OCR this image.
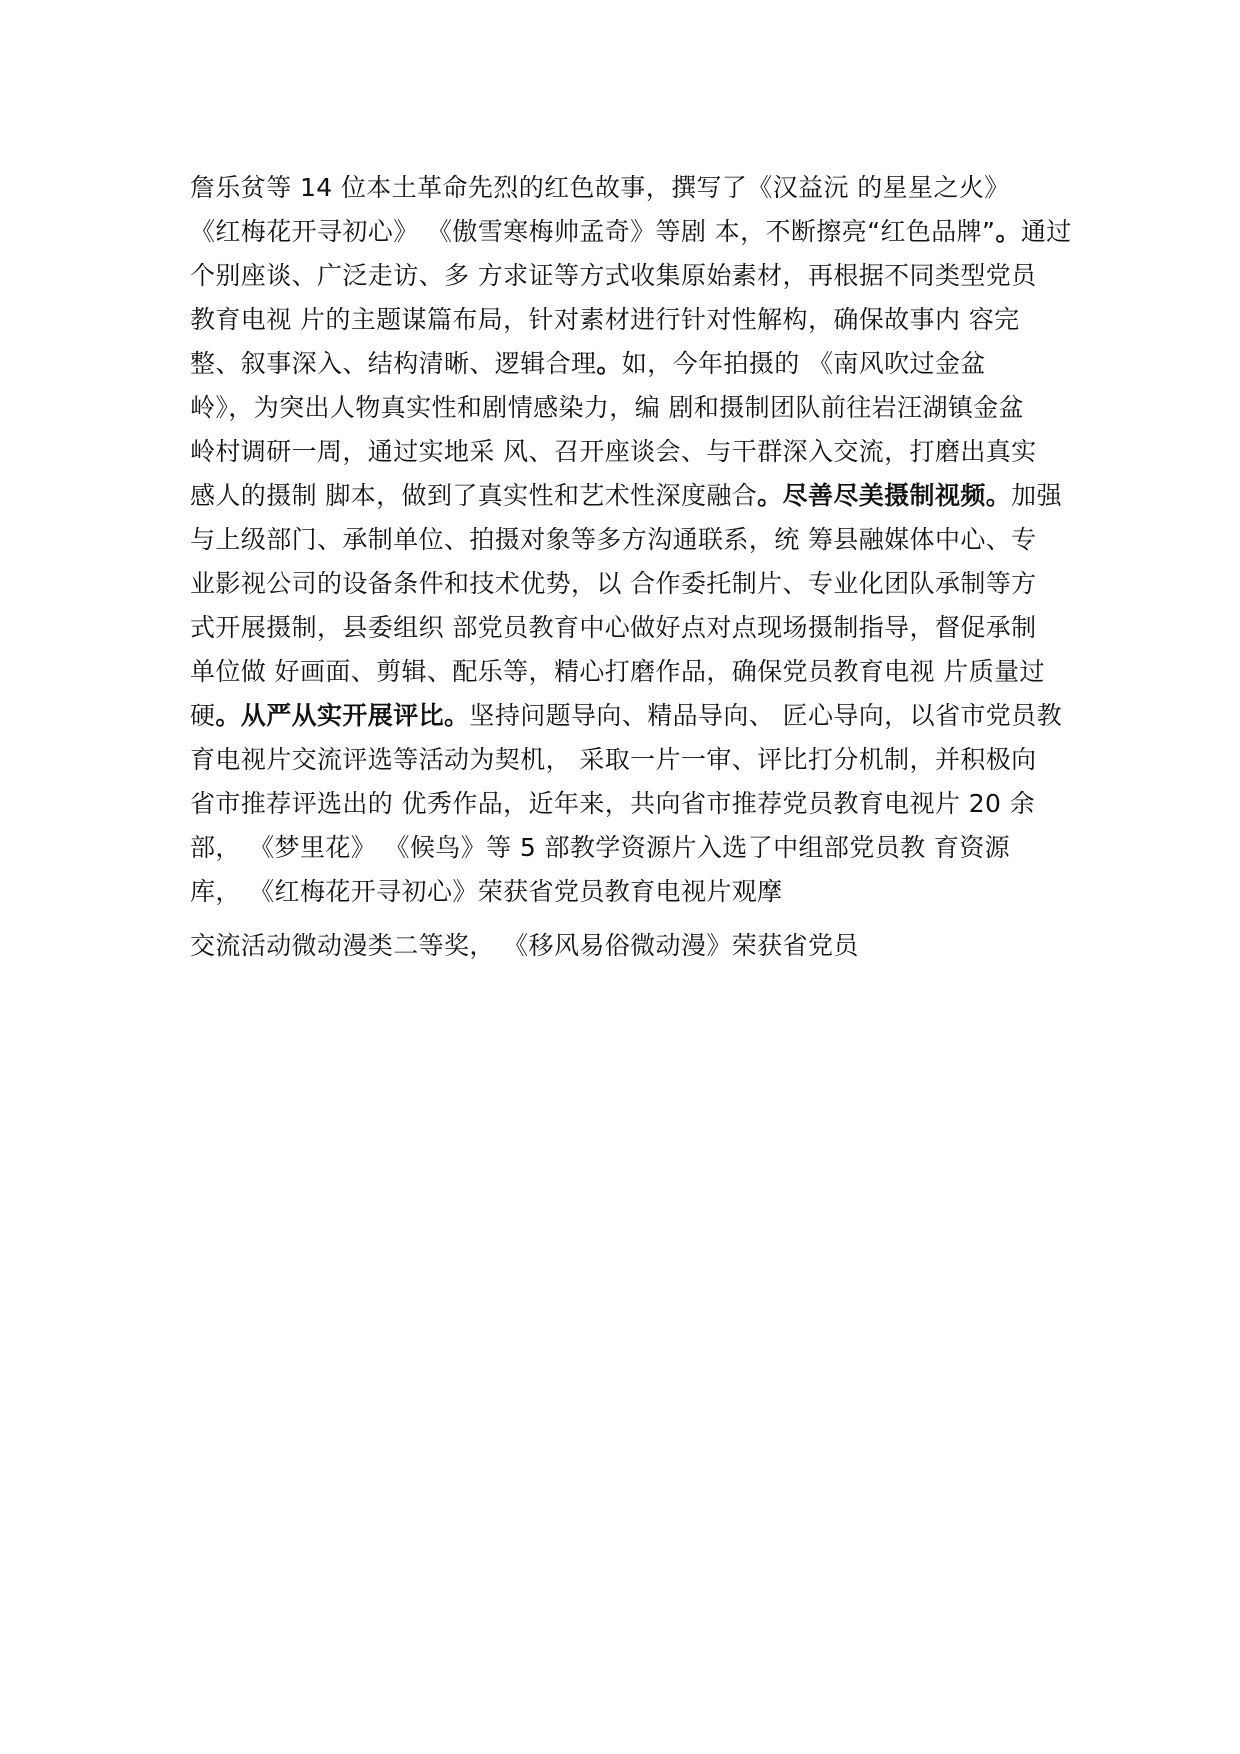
詹乐贫等 14 位本土革命先烈的红色故事，撰写了《汉益沅 的星星之火》
《红梅花开寻初心》 《傲雪寒梅帅孟奇》等剧 本，不断擦亮“红色品牌”。通过
个别座谈、广泛走访、多 方求证等方式收集原始素材，再根据不同类型党员
教育电视 片的主题谋篇布局，针对素材进行针对性解构，确保故事内 容完
整、叙事深入、结构清晰、逻辑合理。如，今年拍摄的 《南风吹过金盆
岭》，为突出人物真实性和剧情感染力，编 剧和摄制团队前往岩汪湖镇金盆
岭村调研一周，通过实地采 风、召开座谈会、与干群深入交流，打磨出真实
感人的摄制 脚本，做到了真实性和艺术性深度融合。尽善尽美摄制视频。加强
与上级部门、承制单位、拍摄对象等多方沟通联系，统 筹县融媒体中心、专
业影视公司的设备条件和技术优势，以 合作委托制片、专业化团队承制等方
式开展摄制，县委组织 部党员教育中心做好点对点现场摄制指导，督促承制
单位做 好画面、剪辑、配乐等，精心打磨作品，确保党员教育电视 片质量过
硬。从严从实开展评比。坚持问题导向、精品导向、 匠心导向，以省市党员教
育电视片交流评选等活动为契机， 采取一片一审、评比打分机制，并积极向
省市推荐评选出的 优秀作品，近年来，共向省市推荐党员教育电视片 20 余
部， 《梦里花》 《候鸟》等 5 部教学资源片入选了中组部党员教 育资源
库， 《红梅花开寻初心》荣获省党员教育电视片观摩
交流活动微动漫类二等奖， 《移风易俗微动漫》荣获省党员
